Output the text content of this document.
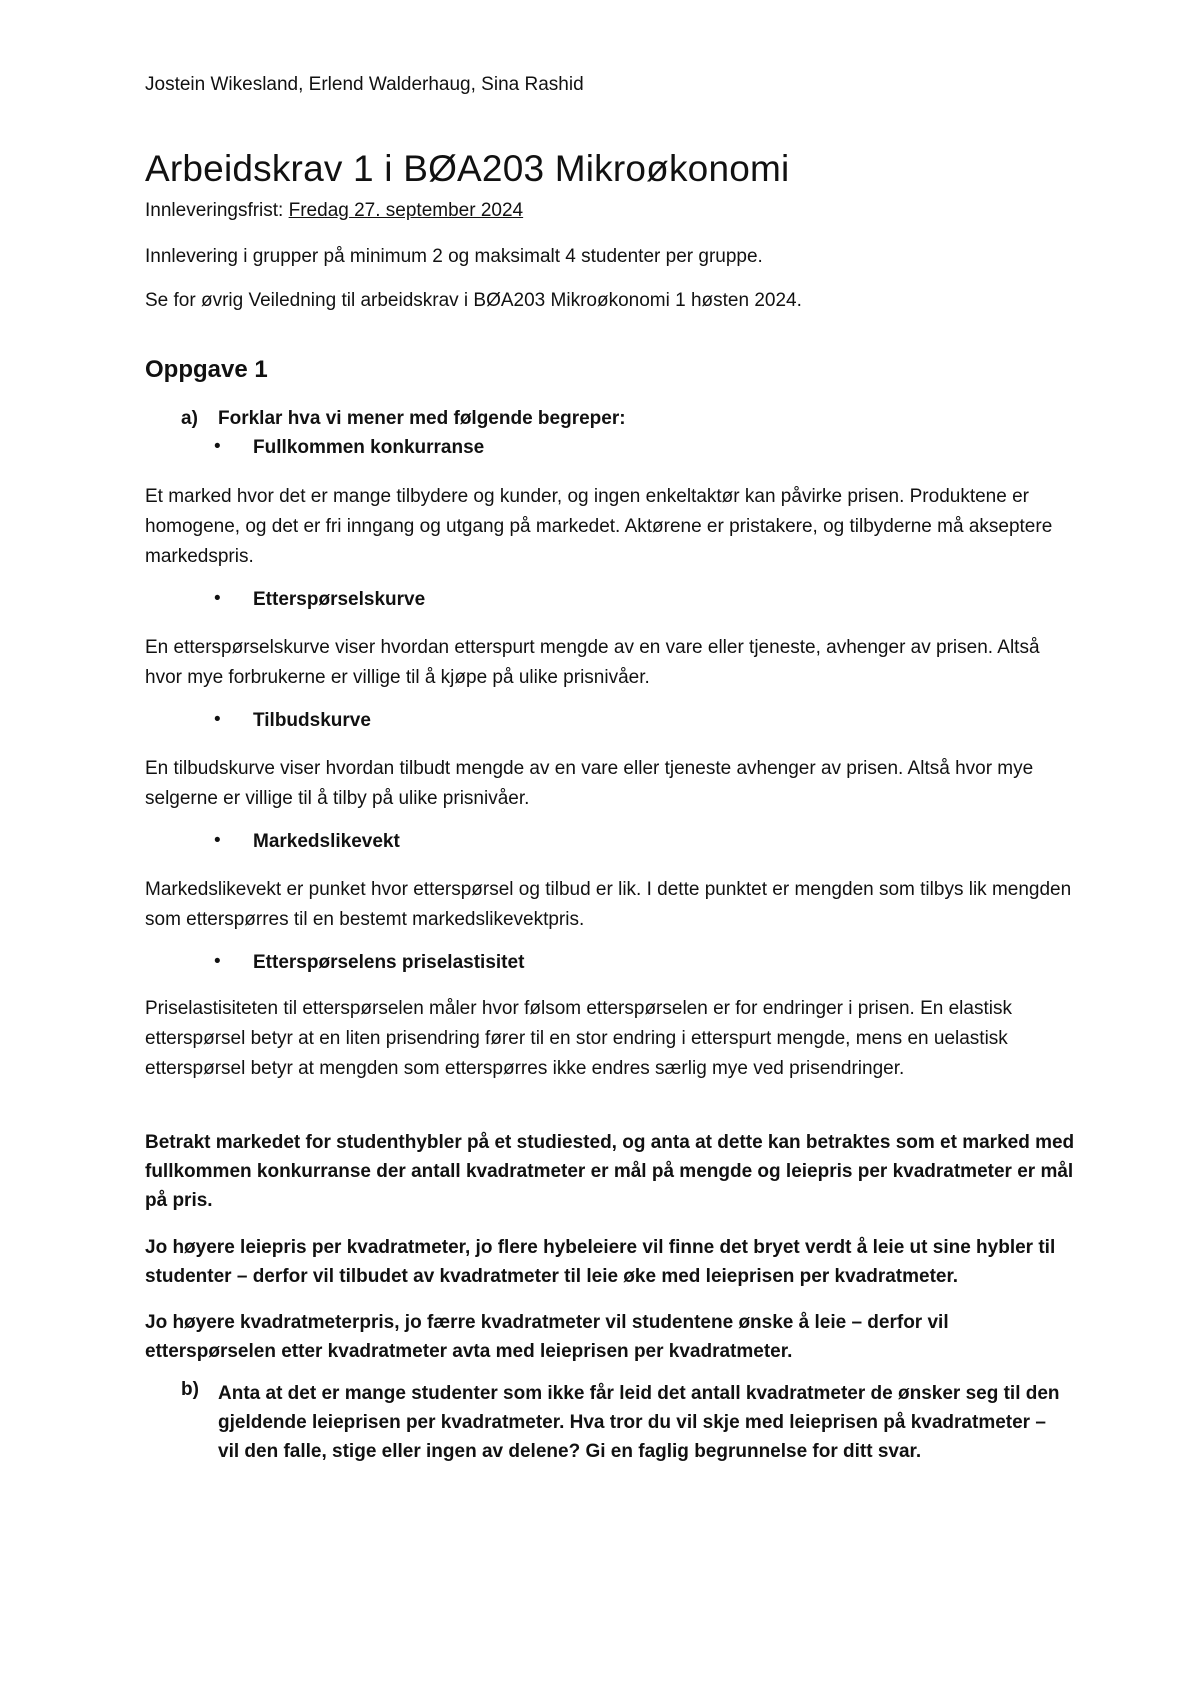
Jostein Wikesland, Erlend Walderhaug, Sina Rashid

Arbeidskrav 1 i BØA203 Mikroøkonomi

Innleveringsfrist: Fredag 27. september 2024

Innlevering i grupper på minimum 2 og maksimalt 4 studenter per gruppe.

Se for øvrig Veiledning til arbeidskrav i BØA203 Mikroøkonomi 1 høsten 2024.

Oppgave 1
a) Forklar hva vi mener med følgende begreper:
• Fullkommen konkurranse

Et marked hvor det er mange tilbydere og kunder, og ingen enkeltaktør kan påvirke prisen. Produktene er homogene, og det er fri inngang og utgang på markedet. Aktørene er pristakere, og tilbyderne må akseptere markedspris.

• Etterspørselskurve

En etterspørselskurve viser hvordan etterspurt mengde av en vare eller tjeneste, avhenger av prisen. Altså hvor mye forbrukerne er villige til å kjøpe på ulike prisnivåer.

• Tilbudskurve

En tilbudskurve viser hvordan tilbudt mengde av en vare eller tjeneste avhenger av prisen. Altså hvor mye selgerne er villige til å tilby på ulike prisnivåer.

• Markedslikevekt

Markedslikevekt er punket hvor etterspørsel og tilbud er lik. I dette punktet er mengden som tilbys lik mengden som etterspørres til en bestemt markedslikevektpris.

• Etterspørselens priselastisitet

Priselastisiteten til etterspørselen måler hvor følsom etterspørselen er for endringer i prisen. En elastisk etterspørsel betyr at en liten prisendring fører til en stor endring i etterspurt mengde, mens en uelastisk etterspørsel betyr at mengden som etterspørres ikke endres særlig mye ved prisendringer.

Betrakt markedet for studenthybler på et studiested, og anta at dette kan betraktes som et marked med fullkommen konkurranse der antall kvadratmeter er mål på mengde og leiepris per kvadratmeter er mål på pris.

Jo høyere leiepris per kvadratmeter, jo flere hybeleiere vil finne det bryet verdt å leie ut sine hybler til studenter – derfor vil tilbudet av kvadratmeter til leie øke med leieprisen per kvadratmeter.

Jo høyere kvadratmeterpris, jo færre kvadratmeter vil studentene ønske å leie – derfor vil etterspørselen etter kvadratmeter avta med leieprisen per kvadratmeter.

b) Anta at det er mange studenter som ikke får leid det antall kvadratmeter de ønsker seg til den gjeldende leieprisen per kvadratmeter. Hva tror du vil skje med leieprisen på kvadratmeter – vil den falle, stige eller ingen av delene? Gi en faglig begrunnelse for ditt svar.
